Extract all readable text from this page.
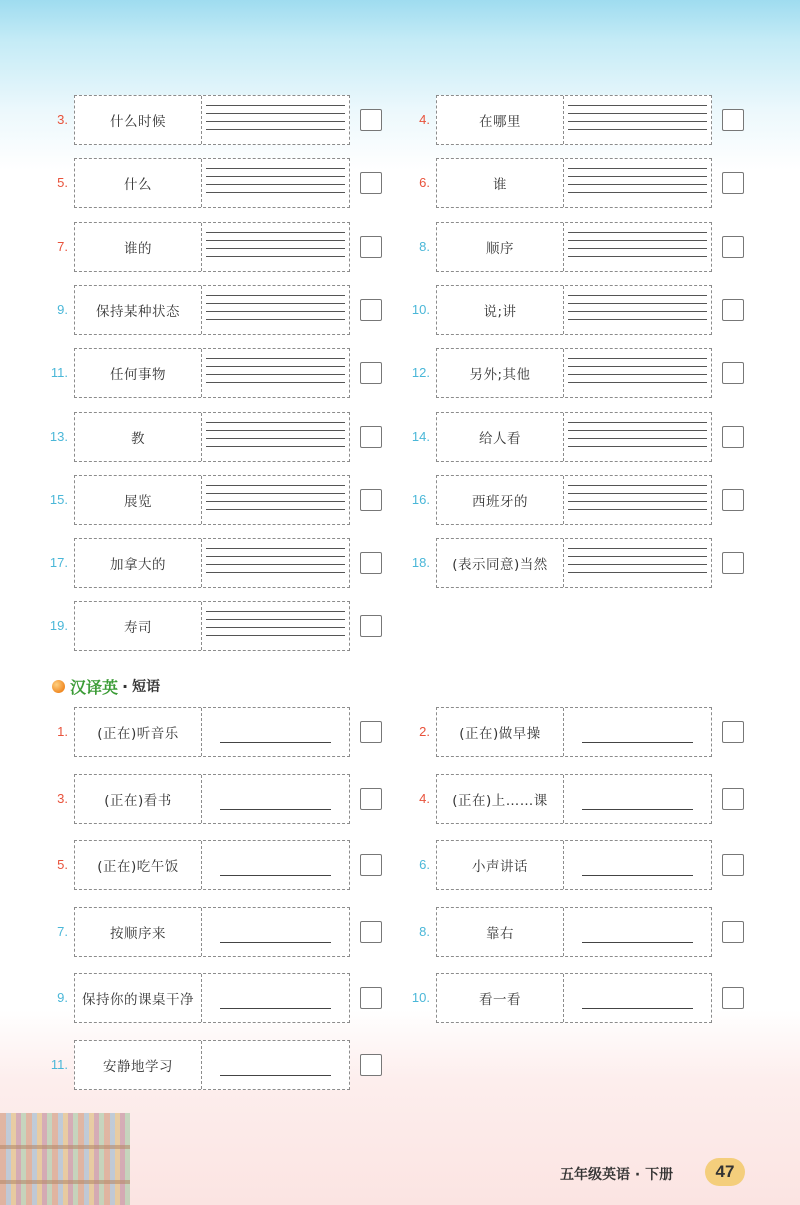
3.	什么时候	4.	在哪里
5.	什么	6.	谁
7.	谁的	8.	顺序
9.	保持某种状态	10.	说;讲
11.	任何事物	12.	另外;其他
13.	教	14.	给人看
15.	展览	16.	西班牙的
17.	加拿大的	18.	(表示同意)当然
19.	寿司
汉译英 · 短语
1.	(正在)听音乐	2.	(正在)做早操
3.	(正在)看书	4.	(正在)上……课
5.	(正在)吃午饭	6.	小声讲话
7.	按顺序来	8.	靠右
9.	保持你的课桌干净	10.	看一看
11.	安静地学习
五年级英语 · 下册	47
